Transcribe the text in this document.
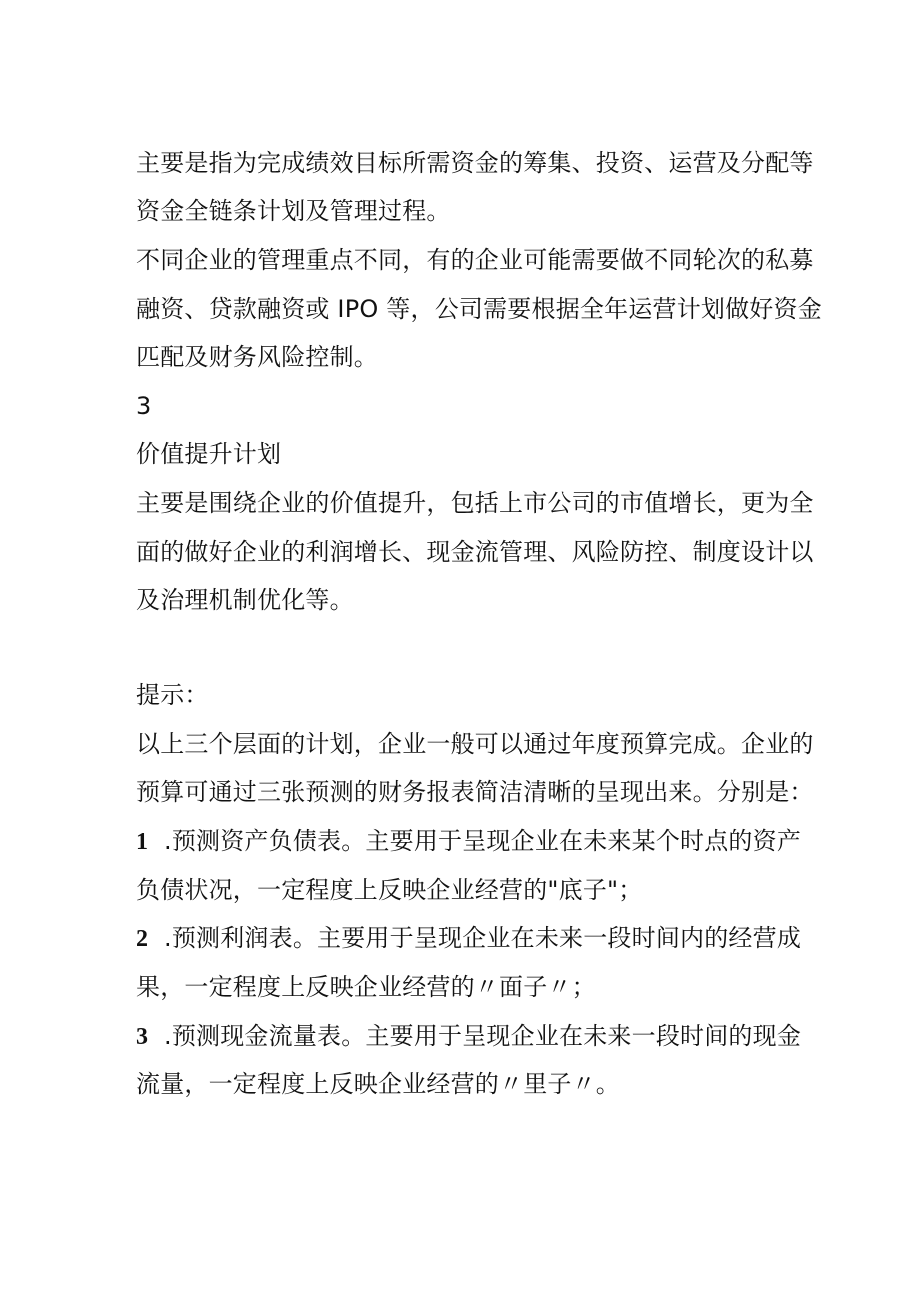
主要是指为完成绩效目标所需资金的筹集、投资、运营及分配等
资金全链条计划及管理过程。
不同企业的管理重点不同，有的企业可能需要做不同轮次的私募
融资、贷款融资或 IPO 等，公司需要根据全年运营计划做好资金
匹配及财务风险控制。
3
价值提升计划
主要是围绕企业的价值提升，包括上市公司的市值增长，更为全
面的做好企业的利润增长、现金流管理、风险防控、制度设计以
及治理机制优化等。
提示：
以上三个层面的计划，企业一般可以通过年度预算完成。企业的
预算可通过三张预测的财务报表简洁清晰的呈现出来。分别是：
1 .预测资产负债表。主要用于呈现企业在未来某个时点的资产
负债状况，一定程度上反映企业经营的"底子"；
2 .预测利润表。主要用于呈现企业在未来一段时间内的经营成
果，一定程度上反映企业经营的〃面子〃；
3 .预测现金流量表。主要用于呈现企业在未来一段时间的现金
流量，一定程度上反映企业经营的〃里子〃。
